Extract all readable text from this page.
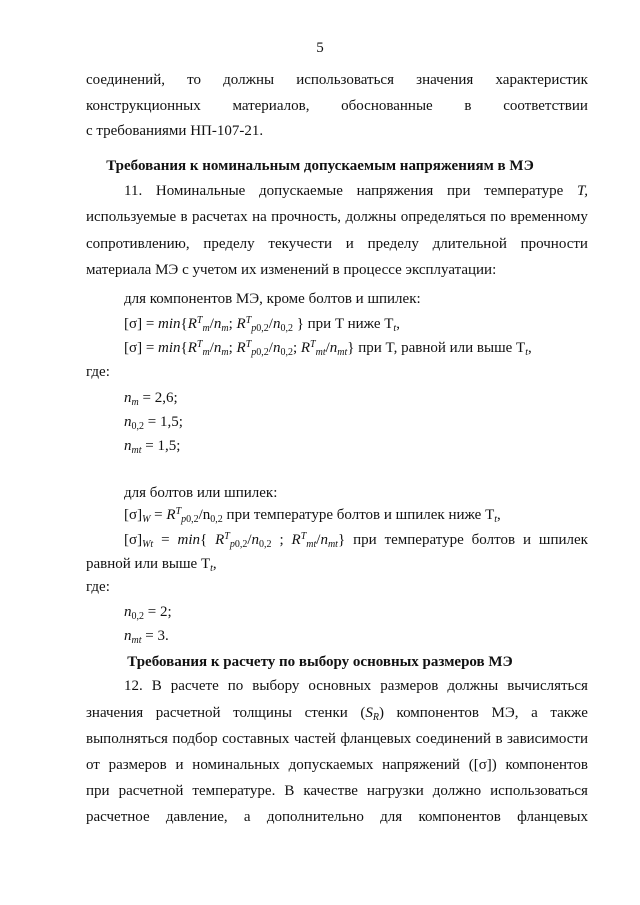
5
соединений, то должны использоваться значения характеристик
конструкционных материалов, обоснованные в соответствии
с требованиями НП-107-21.
Требования к номинальным допускаемым напряжениям в МЭ
11. Номинальные допускаемые напряжения при температуре T,
используемые в расчетах на прочность, должны определяться по временному
сопротивлению, пределу текучести и пределу длительной прочности
материала МЭ с учетом их изменений в процессе эксплуатации:
для компонентов МЭ, кроме болтов и шпилек:
$[\sigma] = \min\{R^T_m/n_m$; $R^T_{p0,2}/n_{0,2}$ } при T ниже $T_t$,
$[\sigma] = \min\{R^T_m/n_m$; $R^T_{p0,2}/n_{0,2}$; $R^T_{mt}/n_{mt}$} при T, равной или выше $T_t$,
где:
$n_m = 2,6$;
$n_{0,2} = 1,5$;
$n_{mt} = 1,5$;
для болтов или шпилек:
$[\sigma]_W = R^T_{p0,2}/n_{0,2}$ при температуре болтов и шпилек ниже $T_t$,
$[\sigma]_{Wt} = \min${ $R^T_{p0,2}/n_{0,2}$ ; $R^T_{mt}/n_{mt}$} при температуре болтов и шпилек
равной или выше $T_t$,
где:
$n_{0,2} = 2$;
$n_{mt} = 3$.
Требования к расчету по выбору основных размеров МЭ
12. В расчете по выбору основных размеров должны вычисляться
значения расчетной толщины стенки $(S_R)$ компонентов МЭ, а также
выполняться подбор составных частей фланцевых соединений в зависимости
от размеров и номинальных допускаемых напряжений ([σ]) компонентов
при расчетной температуре. В качестве нагрузки должно использоваться
расчетное давление, а дополнительно для компонентов фланцевых
